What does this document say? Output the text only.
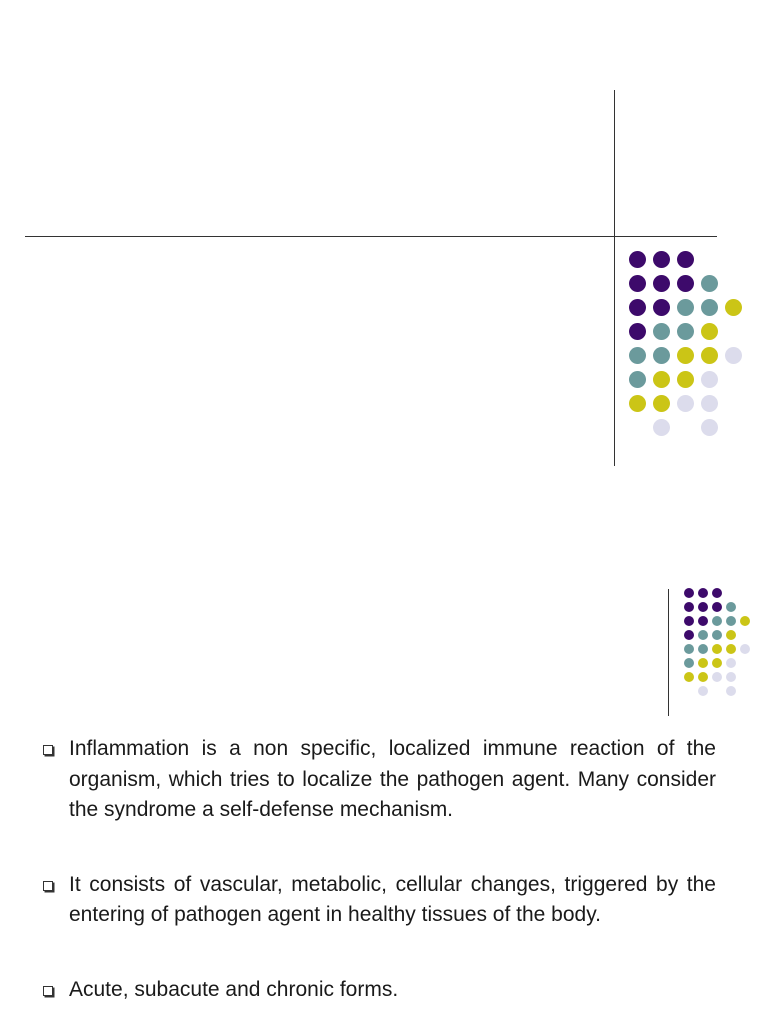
Inflammation is a non specific, localized immune reaction of the organism, which tries to localize the pathogen agent. Many consider the syndrome a self-defense mechanism.
It consists of vascular, metabolic, cellular changes, triggered by the entering of pathogen agent in healthy tissues of the body.
Acute, subacute and chronic forms.
